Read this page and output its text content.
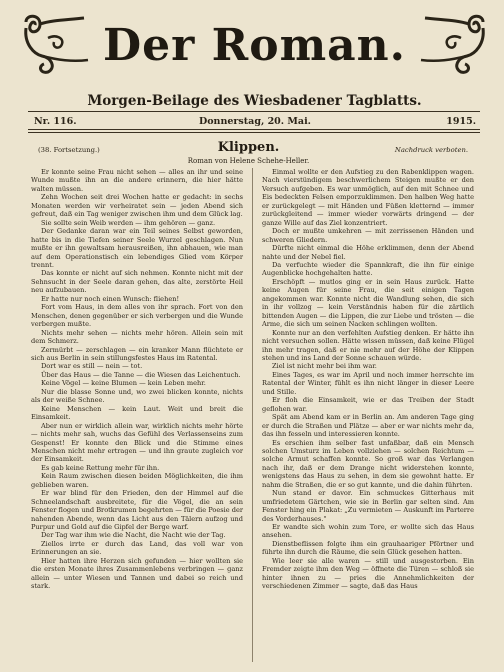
Der Roman.
Morgen-Beilage des Wiesbadener Tagblatts.
Nr. 116.	Donnerstag, 20. Mai.	1915.
(38. Fortsetzung.)	Klippen.	Nachdruck verboten.
Roman von Helene Schehe-Heller.

Er konnte seine Frau nicht sehen — alles an ihr und seine Wunde mußte ihn an die andere erinnern, die hier hätte walten müssen.

Zehn Wochen seit drei Wochen hatte er gedacht: in sechs Monaten werden wir verheiratet sein — jeden Abend sich gefreut, daß ein Tag weniger zwischen ihm und dem Glück lag.

Sie sollte sein Weib werden — ihm gehören — ganz.

Der Gedanke daran war ein Teil seines Selbst geworden, hatte bis in die Tiefen seiner Seele Wurzel geschlagen. Nun mußte er ihn gewaltsam herausreißen, ihn abhauen, wie man auf dem Operationstisch ein lebendiges Glied vom Körper trennt.

Das konnte er nicht auf sich nehmen. Konnte nicht mit der Sehnsucht in der Seele daran gehen, das alte, zerstörte Heil neu aufzubauen.

Er hatte nur noch einen Wunsch: fliehen!

Fort vom Haus, in dem alles von ihr sprach. Fort von den Menschen, denen gegenüber er sich verbergen und die Wunde verbergen mußte.

Nichts mehr sehen — nichts mehr hören. Allein sein mit dem Schmerz.

Zermürbt — zerschlagen — ein kranker Mann flüchtete er sich aus Berlin in sein stillungsfestes Haus im Ratental.

Dort war es still — nein — tot.

Über das Haus — die Tanne — die Wiesen das Leichentuch.

Keine Vögel — keine Blumen — kein Leben mehr.

Nur die blasse Sonne und, wo zwei blicken konnte, nichts als der weiße Schnee.

Keine Menschen — kein Laut. Weit und breit die Einsamkeit.

Aber nun er wirklich allein war, wirklich nichts mehr hörte — nichts mehr sah, wuchs das Gefühl des Verlassenseins zum Gespenst! Er konnte den Blick und die Stimme eines Menschen nicht mehr ertragen — und ihn graute zugleich vor der Einsamkeit.

Es gab keine Rettung mehr für ihn.

Kein Raum zwischen diesen beiden Möglichkeiten, die ihm geblieben waren.

Er war blind für den Frieden, den der Himmel auf die Schneelandschaft ausbreitete, für die Vögel, die an sein Fenster flogen und Brotkrumen begehrten — für die Poesie der nahenden Abende, wenn das Licht aus den Tälern aufzog und Purpur und Gold auf die Gipfel der Berge warf.

Der Tag war ihm wie die Nacht, die Nacht wie der Tag.

Ziellos irrte er durch das Land, das voll war von Erinnerungen an sie.

Hier hatten ihre Herzen sich gefunden — hier wollten sie die ersten Monate ihres Zusammenlebens verbringen — ganz allein — unter Wiesen und Tannen und dabei so reich und stark.

Einmal wollte er den Aufstieg zu den Rabenklippen wagen. Nach vierstündigem beschwerlichem Steigen mußte er den Versuch aufgeben. Es war unmöglich, auf den mit Schnee und Eis bedeckten Felsen emporzuklimmen. Den halben Weg hatte er zurückgelegt — mit Händen und Füßen kletternd — immer zurückgleitend — immer wieder vorwärts dringend — der ganze Wille auf das Ziel konzentriert.

Doch er mußte umkehren — mit zerrissenen Händen und schweren Gliedern.

Dürfte nicht einmal die Höhe erklimmen, denn der Abend nahte und der Nebel fiel.

Da verfuchte wieder die Spannkraft, die ihn für einige Augenblicke hochgehalten hatte.

Erschöpft — mutlos ging er in sein Haus zurück. Hatte keine Augen für seine Frau, die seit einigen Tagen angekommen war. Konnte nicht die Wandlung sehen, die sich in ihr vollzog — kein Verständnis haben für die zärtlich bittenden Augen — die Lippen, die zur Liebe und trösten — die Arme, die sich um seinen Nacken schlingen wollten.

Konnte nur an den verfehlten Aufstieg denken. Er hätte ihn nicht versuchen sollen. Hätte wissen müssen, daß keine Flügel ihn mehr tragen, daß er nie mehr auf der Höhe der Klippen stehen und ins Land der Sonne schauen würde.

Ziel ist nicht mehr bei ihm war.

Eines Tages, es war im April und noch immer herrschte im Ratental der Winter, fühlt es ihn nicht länger in dieser Leere und Stille.

Er floh die Einsamkeit, wie er das Treiben der Stadt geflohen war.

Spät am Abend kam er in Berlin an. Am anderen Tage ging er durch die Straßen und Plätze — aber er war nichts mehr da, das ihn fesseln und interessieren konnte.

Es erschien ihm selber fast unfaßbar, daß ein Mensch solchen Umsturz im Leben vollziehen — solchen Reichtum — solche Armut schaffen konnte. So groß war das Verlangen nach ihr, daß er dem Drange nicht widerstehen konnte, wenigstens das Haus zu sehen, in dem sie gewohnt hatte. Er nahm die Straßen, die er so gut kannte, und die dahin führten.

Nun stand er davor. Ein schmuckes Gitterhaus mit umfriedetem Gärtchen, wie sie in Berlin gar selten sind. Am Fenster hing ein Plakat: „Zu vermieten — Auskunft im Parterre des Vorderhauses."

Er wandte sich wohin zum Tore, er wollte sich das Haus ansehen.

Dienstbeflissen folgte ihm ein grauhaariger Pförtner und führte ihn durch die Räume, die sein Glück gesehen hatten.

Wie leer sie alle waren — still und ausgestorben. Ein Fremder zeigte ihm den Weg — öffnete die Türen — schloß sie hinter ihnen zu — pries die Annehmlichkeiten der verschiedenen Zimmer — sagte, daß das Haus
